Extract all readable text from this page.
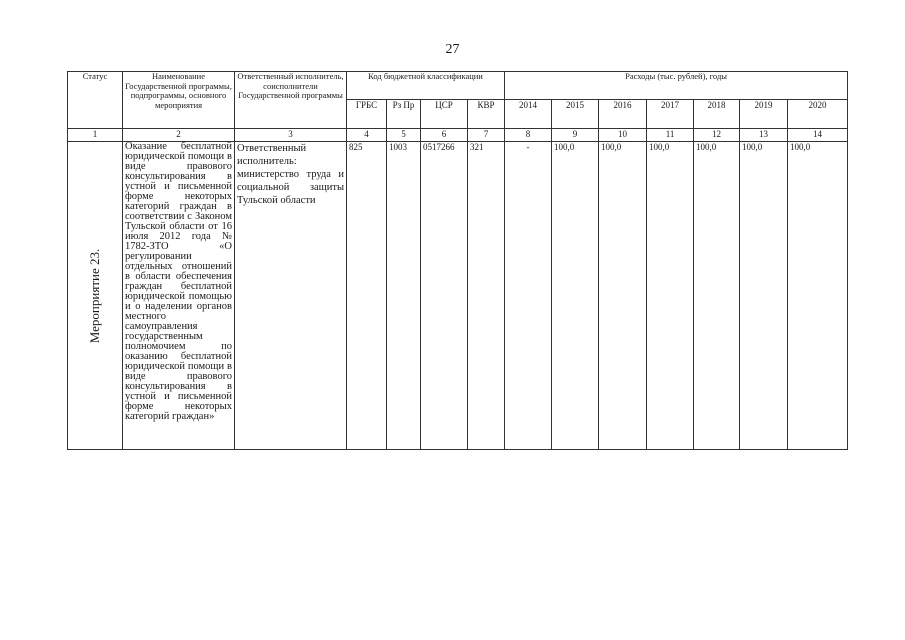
27
Статус	Наименование Государственной программы, подпрограммы, основного мероприятия	Ответственный исполнитель, соисполнители Государственной программы	Код бюджетной классификации				Расходы (тыс. рублей), годы						
			ГРБС	Рз Пр	ЦСР	КВР	2014	2015	2016	2017	2018	2019	2020
1	2	3	4	5	6	7	8	9	10	11	12	13	14

Мероприятие 23.	Оказание бесплатной юридической помощи в виде правового консультирования в устной и письменной форме некоторых категорий граждан в соответствии с Законом Тульской области от 16 июля 2012 года № 1782-ЗТО «О регулировании отдельных отношений в области обеспечения граждан бесплатной юридической помощью и о наделении органов местного самоуправления государственным полномочием по оказанию бесплатной юридической помощи в виде правового консультирования в устной и письменной форме некоторых категорий граждан»	Ответственный исполнитель: министерство труда и социальной защиты Тульской области	825	1003	0517266	321	-	100,0	100,0	100,0	100,0	100,0	100,0
